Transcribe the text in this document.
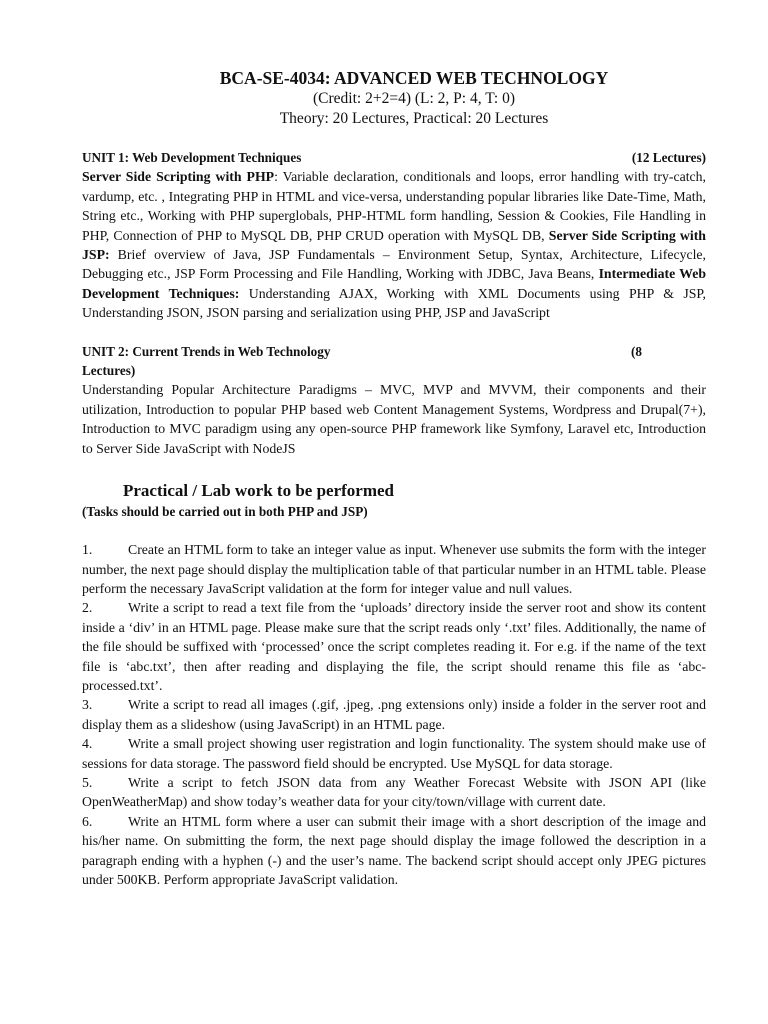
BCA-SE-4034: ADVANCED WEB TECHNOLOGY

(Credit: 2+2=4) (L: 2, P: 4, T: 0)

Theory: 20 Lectures, Practical: 20 Lectures

UNIT 1: Web Development Techniques	(12 Lectures)

Server Side Scripting with PHP: Variable declaration, conditionals and loops, error handling with try-catch, vardump, etc. , Integrating PHP in HTML and vice-versa, understanding popular libraries like Date-Time, Math, String etc., Working with PHP superglobals, PHP-HTML form handling, Session & Cookies, File Handling in PHP, Connection of PHP to MySQL DB, PHP CRUD operation with MySQL DB, Server Side Scripting with JSP: Brief overview of Java, JSP Fundamentals – Environment Setup, Syntax, Architecture, Lifecycle, Debugging etc., JSP Form Processing and File Handling, Working with JDBC, Java Beans, Intermediate Web Development Techniques: Understanding AJAX, Working with XML Documents using PHP & JSP, Understanding JSON, JSON parsing and serialization using PHP, JSP and JavaScript

UNIT 2: Current Trends in Web Technology	(8
Lectures)

Understanding Popular Architecture Paradigms – MVC, MVP and MVVM, their components and their utilization, Introduction to popular PHP based web Content Management Systems, Wordpress and Drupal(7+), Introduction to MVC paradigm using any open-source PHP framework like Symfony, Laravel etc, Introduction to Server Side JavaScript with NodeJS

Practical / Lab work to be performed

(Tasks should be carried out in both PHP and JSP)

1.	Create an HTML form to take an integer value as input. Whenever use submits the form with the integer number, the next page should display the multiplication table of that particular number in an HTML table. Please perform the necessary JavaScript validation at the form for integer value and null values.

2.	Write a script to read a text file from the ‘uploads’ directory inside the server root and show its content inside a ‘div’ in an HTML page. Please make sure that the script reads only ‘.txt’ files. Additionally, the name of the file should be suffixed with ‘processed’ once the script completes reading it. For e.g. if the name of the text file is ‘abc.txt’, then after reading and displaying the file, the script should rename this file as ‘abc-processed.txt’.

3.	Write a script to read all images (.gif, .jpeg, .png extensions only) inside a folder in the server root and display them as a slideshow (using JavaScript) in an HTML page.

4.	Write a small project showing user registration and login functionality. The system should make use of sessions for data storage. The password field should be encrypted. Use MySQL for data storage.

5.	Write a script to fetch JSON data from any Weather Forecast Website with JSON API (like OpenWeatherMap) and show today’s weather data for your city/town/village with current date.

6.	Write an HTML form where a user can submit their image with a short description of the image and his/her name. On submitting the form, the next page should display the image followed the description in a paragraph ending with a hyphen (-) and the user’s name. The backend script should accept only JPEG pictures under 500KB. Perform appropriate JavaScript validation.
